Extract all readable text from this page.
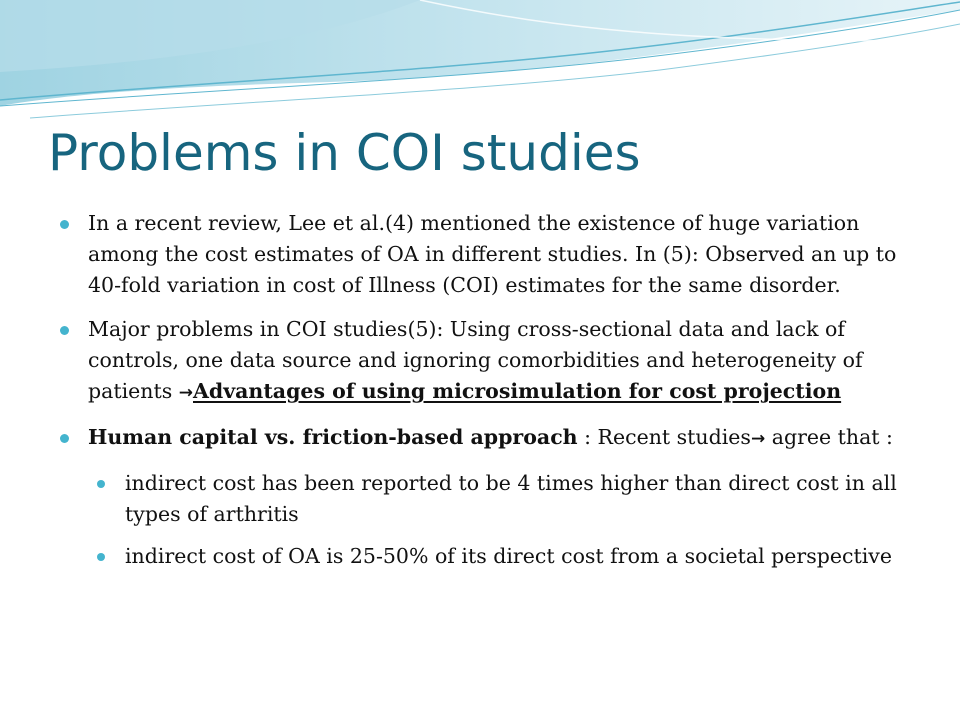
Problems in COI studies
In a recent review, Lee et al.(4) mentioned the existence of huge variation among the cost estimates of OA in different studies. In (5): Observed an up to 40-fold variation in cost of Illness (COI) estimates for the same disorder.
Major problems in COI studies(5): Using cross-sectional data and lack of controls, one data source and ignoring comorbidities and heterogeneity of patients →Advantages of using microsimulation for cost projection
Human capital vs. friction-based approach : Recent studies→ agree that :
indirect cost has been reported to be 4 times higher than direct cost in all types of arthritis
indirect cost of OA is 25-50% of its direct cost from a societal perspective
